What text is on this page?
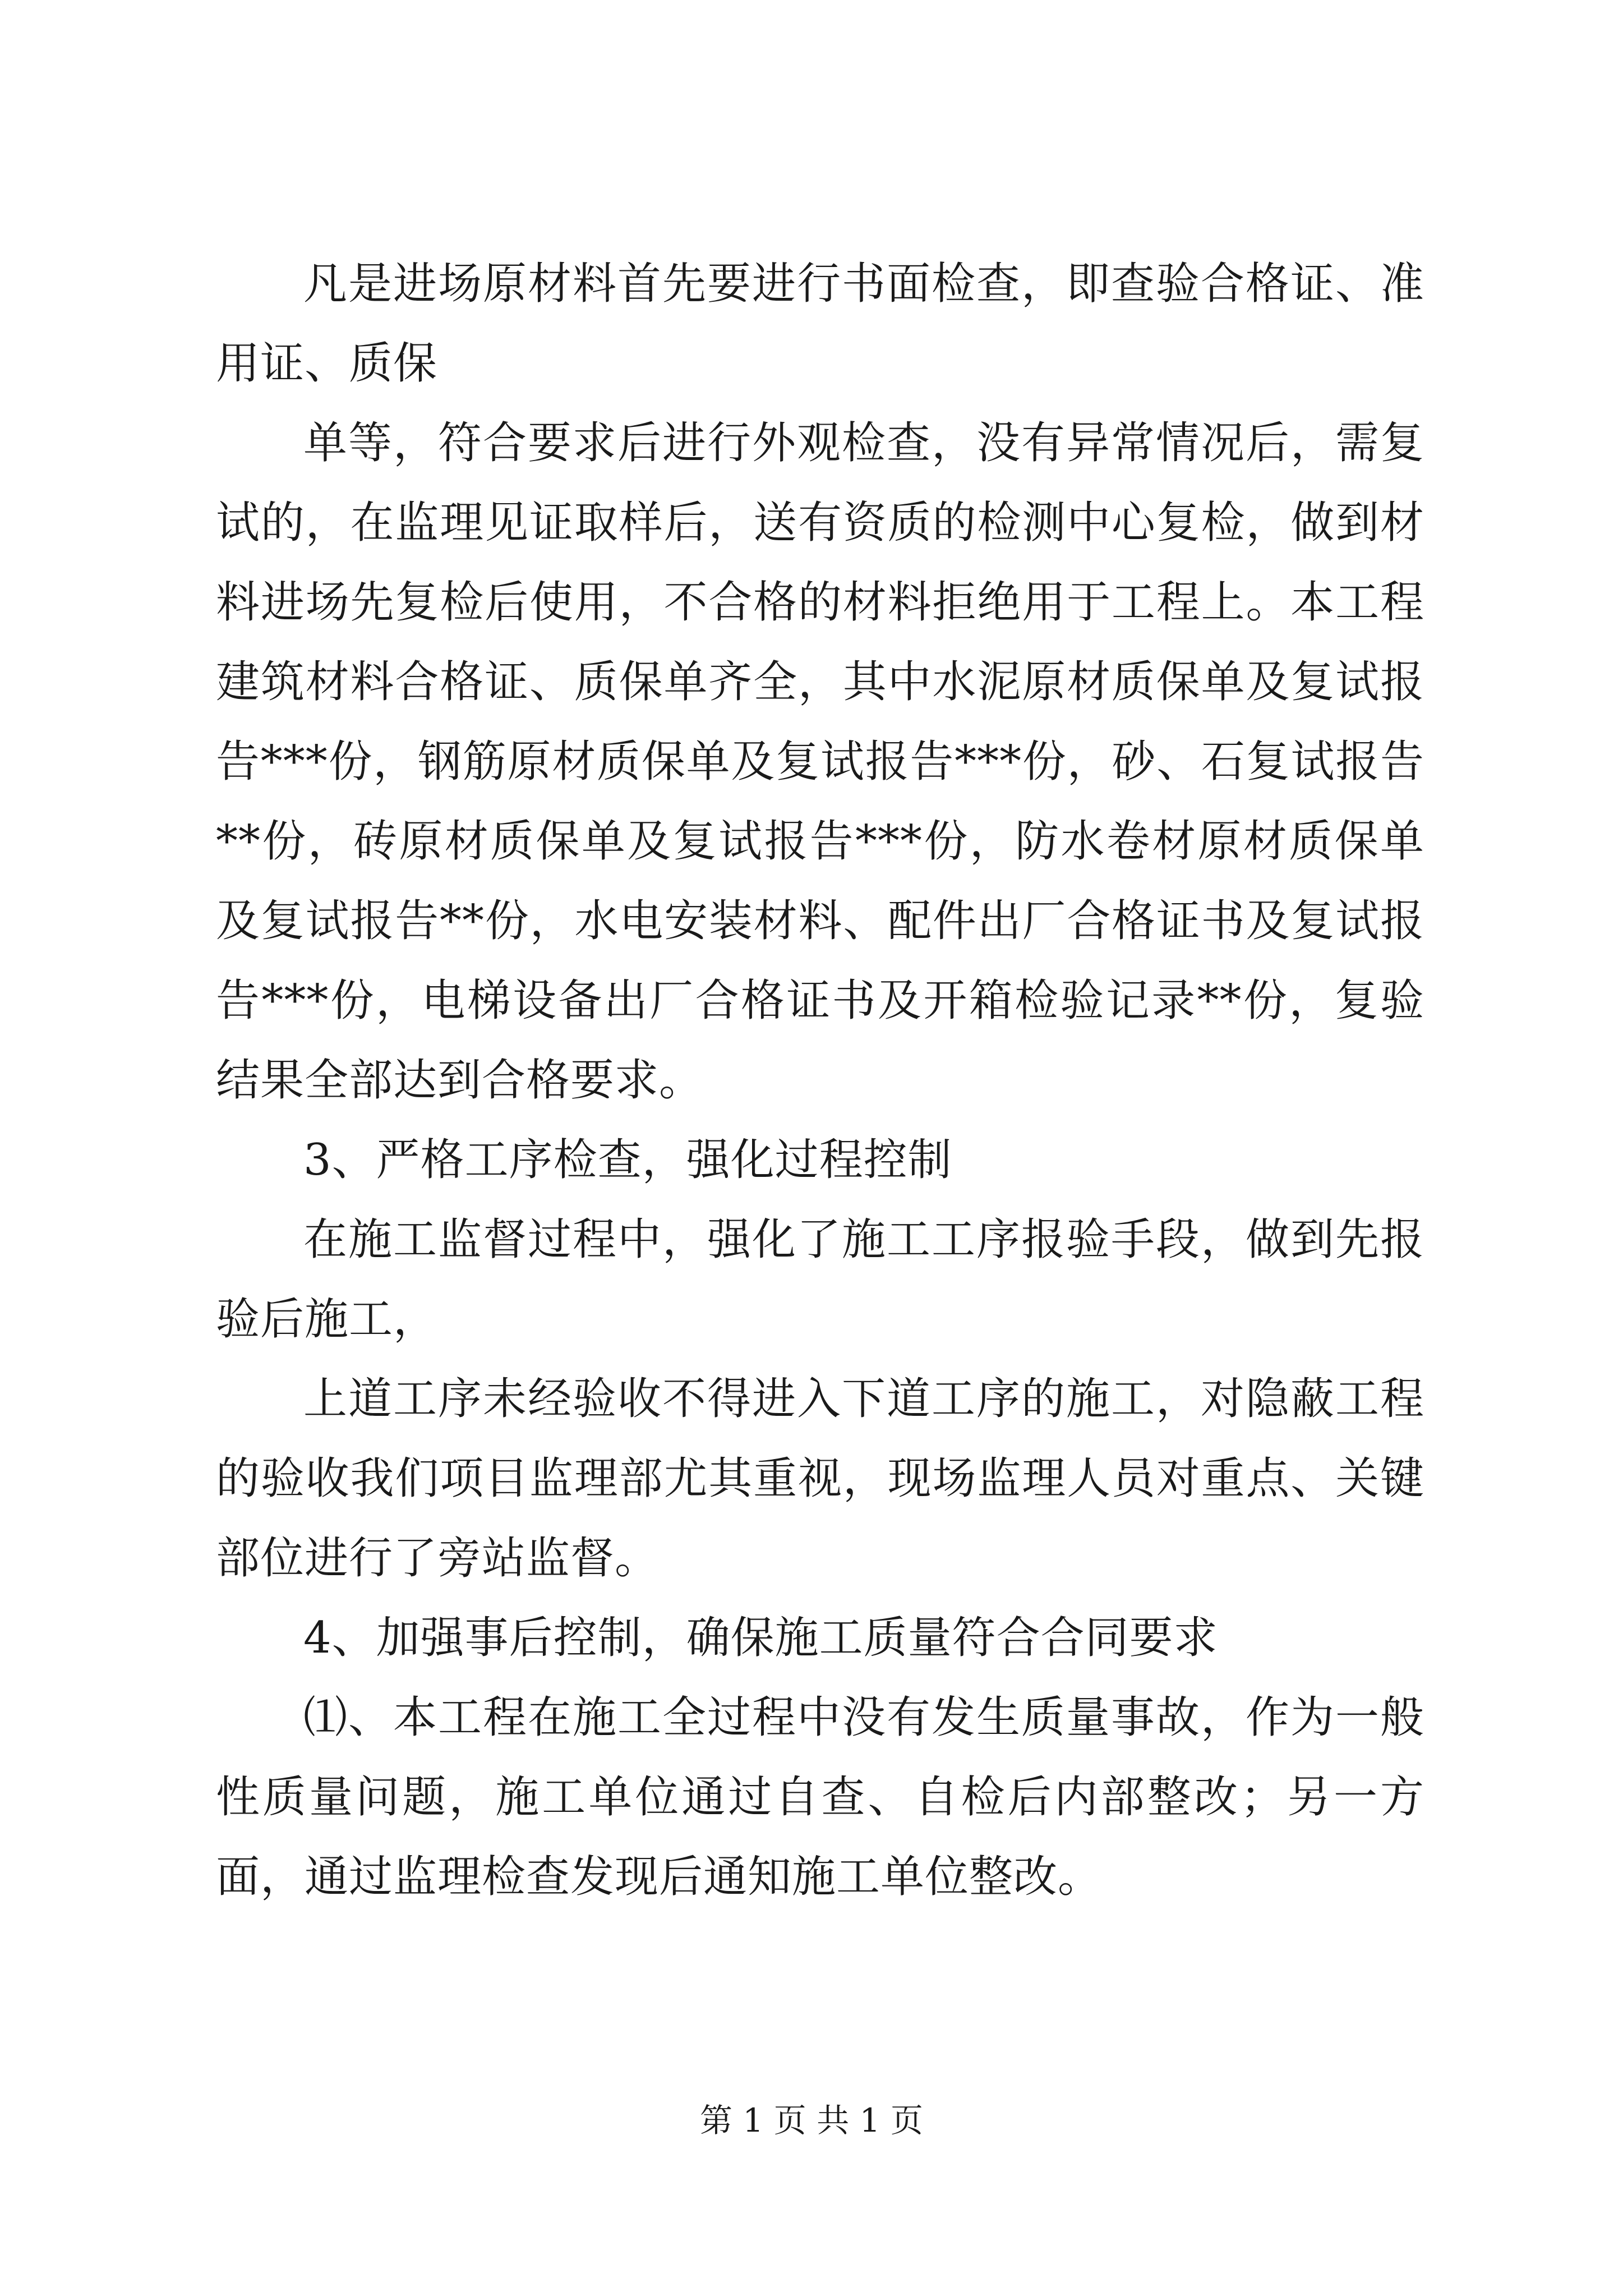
凡是进场原材料首先要进行书面检查，即查验合格证、准用证、质保

单等，符合要求后进行外观检查，没有异常情况后，需复试的，在监理见证取样后，送有资质的检测中心复检，做到材料进场先复检后使用，不合格的材料拒绝用于工程上。本工程建筑材料合格证、质保单齐全，其中水泥原材质保单及复试报告***份，钢筋原材质保单及复试报告***份，砂、石复试报告**份，砖原材质保单及复试报告***份，防水卷材原材质保单及复试报告**份，水电安装材料、配件出厂合格证书及复试报告***份，电梯设备出厂合格证书及开箱检验记录**份，复验结果全部达到合格要求。

3、严格工序检查，强化过程控制

在施工监督过程中，强化了施工工序报验手段，做到先报验后施工，

上道工序未经验收不得进入下道工序的施工，对隐蔽工程的验收我们项目监理部尤其重视，现场监理人员对重点、关键部位进行了旁站监督。

4、加强事后控制，确保施工质量符合合同要求

⑴、本工程在施工全过程中没有发生质量事故，作为一般性质量问题，施工单位通过自查、自检后内部整改；另一方面，通过监理检查发现后通知施工单位整改。

第 1 页 共 1 页
